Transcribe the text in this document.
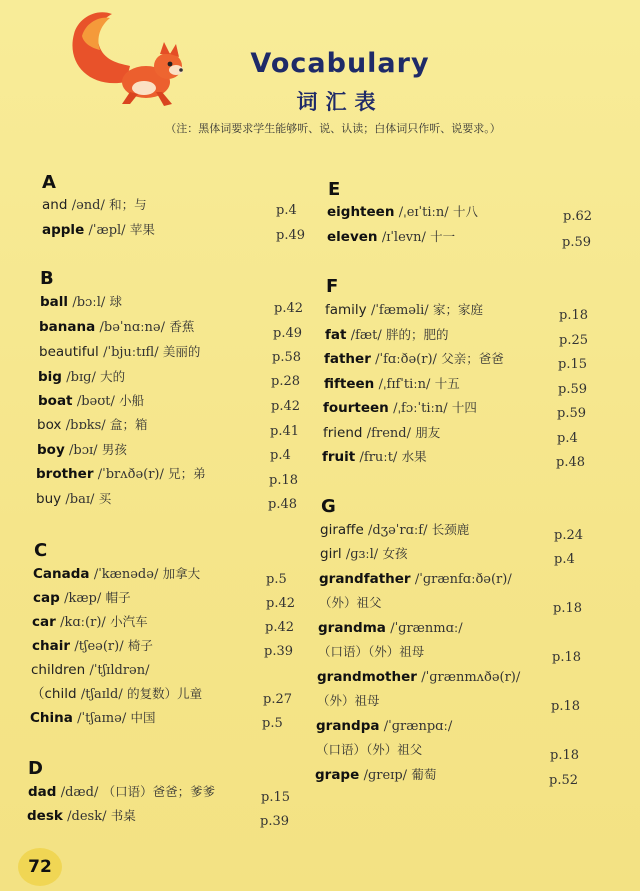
Vocabulary
词汇表
（注：黑体词要求学生能够听、说、认读；白体词只作听、说要求。）
A
and /ənd/ 和；与	p.4
apple /ˈæpl/ 苹果	p.49
B
ball /bɔːl/ 球	p.42
banana /bəˈnɑːnə/ 香蕉	p.49
beautiful /ˈbjuːtɪfl/ 美丽的	p.58
big /bɪɡ/ 大的	p.28
boat /bəʊt/ 小船	p.42
box /bɒks/ 盒；箱	p.41
boy /bɔɪ/ 男孩	p.4
brother /ˈbrʌðə(r)/ 兄；弟	p.18
buy /baɪ/ 买	p.48
C
Canada /ˈkænədə/ 加拿大	p.5
cap /kæp/ 帽子	p.42
car /kɑː(r)/ 小汽车	p.42
chair /tʃeə(r)/ 椅子	p.39
children /ˈtʃɪldrən/
（child /tʃaɪld/ 的复数）儿童	p.27
China /ˈtʃaɪnə/ 中国	p.5
D
dad /dæd/ （口语）爸爸；爹爹	p.15
desk /desk/ 书桌	p.39
E
eighteen /ˌeɪˈtiːn/ 十八	p.62
eleven /ɪˈlevn/ 十一	p.59
F
family /ˈfæməli/ 家；家庭	p.18
fat /fæt/ 胖的；肥的	p.25
father /ˈfɑːðə(r)/ 父亲；爸爸	p.15
fifteen /ˌfɪfˈtiːn/ 十五	p.59
fourteen /ˌfɔːˈtiːn/ 十四	p.59
friend /frend/ 朋友	p.4
fruit /fruːt/ 水果	p.48
G
giraffe /dʒəˈrɑːf/ 长颈鹿	p.24
girl /ɡɜːl/ 女孩	p.4
grandfather /ˈɡrænfɑːðə(r)/
（外）祖父	p.18
grandma /ˈɡrænmɑː/
（口语）（外）祖母	p.18
grandmother /ˈɡrænmʌðə(r)/
（外）祖母	p.18
grandpa /ˈɡrænpɑː/
（口语）（外）祖父	p.18
grape /ɡreɪp/ 葡萄	p.52
72
